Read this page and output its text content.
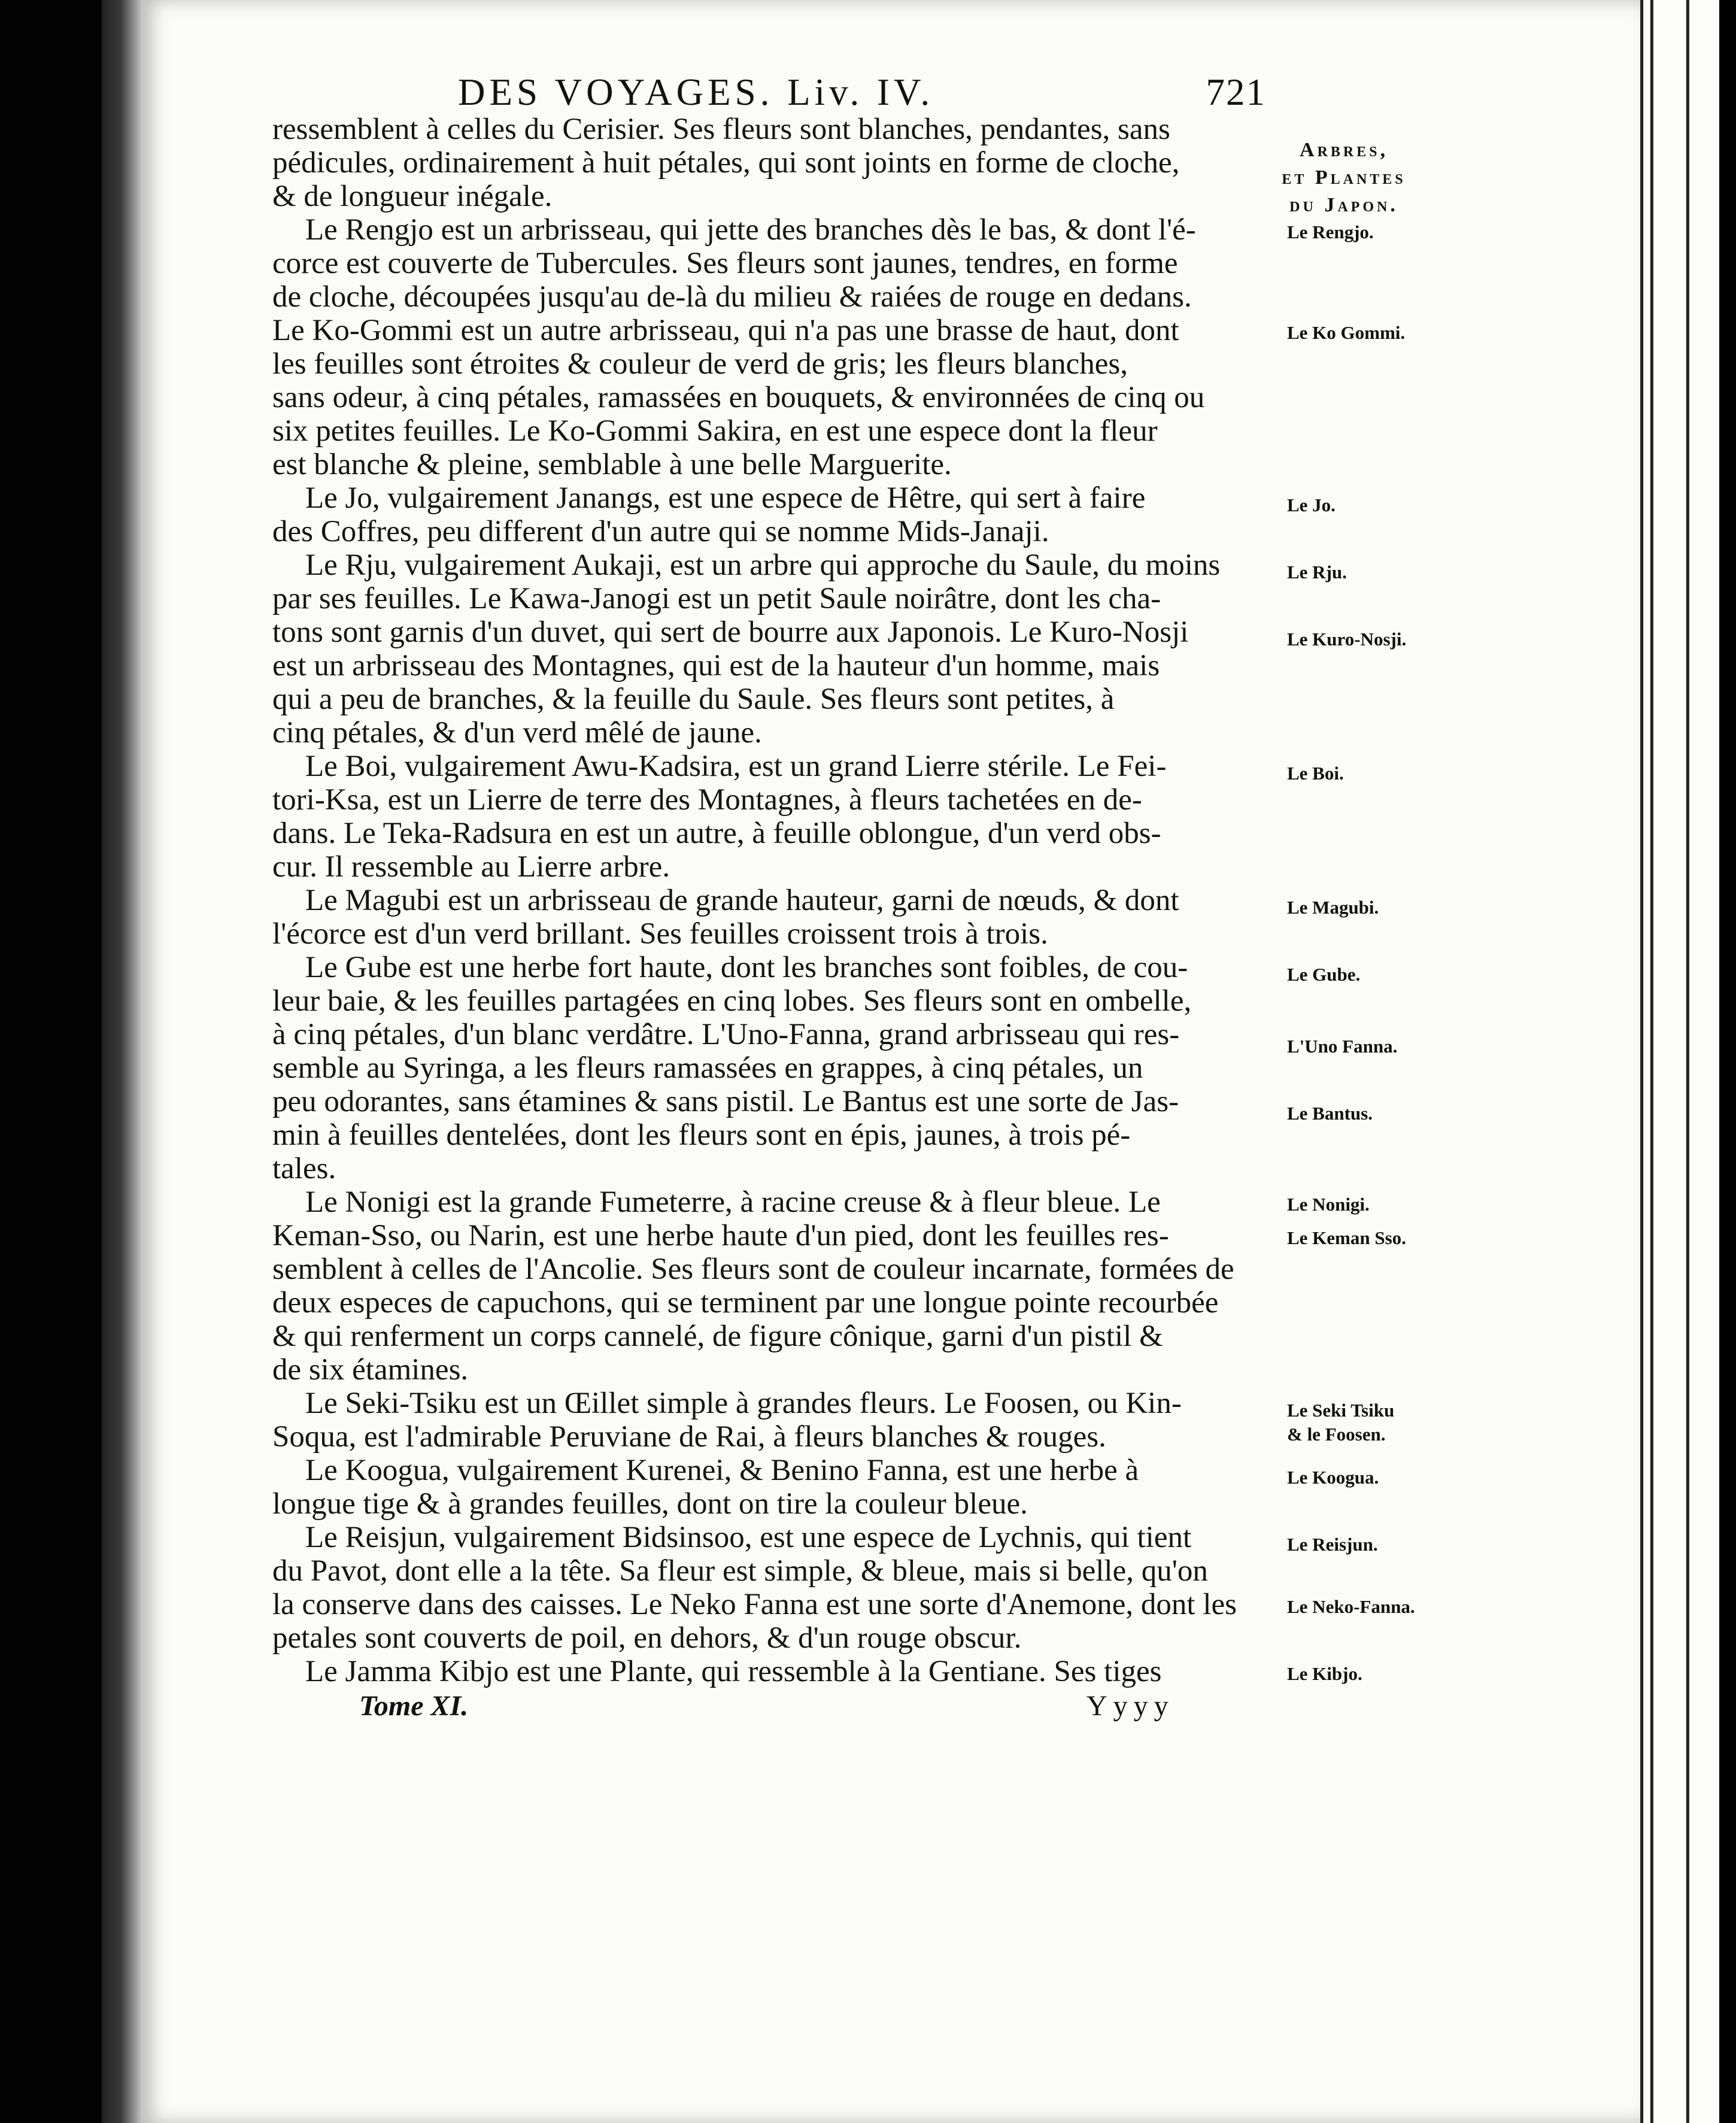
DES VOYAGES. Liv. IV.	721
Arbres,
et Plantes
du Japon.
ressemblent à celles du Cerisier. Ses fleurs sont blanches, pendantes, sans
pédicules, ordinairement à huit pétales, qui sont joints en forme de cloche,
& de longueur inégale.
Le Rengjo est un arbrisseau, qui jette des branches dès le bas, & dont l'é-
corce est couverte de Tubercules. Ses fleurs sont jaunes, tendres, en forme
de cloche, découpées jusqu'au de-là du milieu & raiées de rouge en dedans.
Le Ko-Gommi est un autre arbrisseau, qui n'a pas une brasse de haut, dont
les feuilles sont étroites & couleur de verd de gris; les fleurs blanches,
sans odeur, à cinq pétales, ramassées en bouquets, & environnées de cinq ou
six petites feuilles. Le Ko-Gommi Sakira, en est une espece dont la fleur
est blanche & pleine, semblable à une belle Marguerite.
Le Jo, vulgairement Janangs, est une espece de Hêtre, qui sert à faire
des Coffres, peu different d'un autre qui se nomme Mids-Janaji.
Le Rju, vulgairement Aukaji, est un arbre qui approche du Saule, du moins
par ses feuilles. Le Kawa-Janogi est un petit Saule noirâtre, dont les cha-
tons sont garnis d'un duvet, qui sert de bourre aux Japonois. Le Kuro-Nosji
est un arbrisseau des Montagnes, qui est de la hauteur d'un homme, mais
qui a peu de branches, & la feuille du Saule. Ses fleurs sont petites, à
cinq pétales, & d'un verd mêlé de jaune.
Le Boi, vulgairement Awu-Kadsira, est un grand Lierre stérile. Le Fei-
tori-Ksa, est un Lierre de terre des Montagnes, à fleurs tachetées en de-
dans. Le Teka-Radsura en est un autre, à feuille oblongue, d'un verd obs-
cur. Il ressemble au Lierre arbre.
Le Magubi est un arbrisseau de grande hauteur, garni de nœuds, & dont
l'écorce est d'un verd brillant. Ses feuilles croissent trois à trois.
Le Gube est une herbe fort haute, dont les branches sont foibles, de cou-
leur baie, & les feuilles partagées en cinq lobes. Ses fleurs sont en ombelle,
à cinq pétales, d'un blanc verdâtre. L'Uno-Fanna, grand arbrisseau qui res-
semble au Syringa, a les fleurs ramassées en grappes, à cinq pétales, un
peu odorantes, sans étamines & sans pistil. Le Bantus est une sorte de Jas-
min à feuilles dentelées, dont les fleurs sont en épis, jaunes, à trois pé-
tales.
Le Nonigi est la grande Fumeterre, à racine creuse & à fleur bleue. Le
Keman-Sso, ou Narin, est une herbe haute d'un pied, dont les feuilles res-
semblent à celles de l'Ancolie. Ses fleurs sont de couleur incarnate, formées de
deux especes de capuchons, qui se terminent par une longue pointe recourbée
& qui renferment un corps cannelé, de figure cônique, garni d'un pistil &
de six étamines.
Le Seki-Tsiku est un Œillet simple à grandes fleurs. Le Foosen, ou Kin-
Soqua, est l'admirable Peruviane de Rai, à fleurs blanches & rouges.
Le Koogua, vulgairement Kurenei, & Benino Fanna, est une herbe à
longue tige & à grandes feuilles, dont on tire la couleur bleue.
Le Reisjun, vulgairement Bidsinsoo, est une espece de Lychnis, qui tient
du Pavot, dont elle a la tête. Sa fleur est simple, & bleue, mais si belle, qu'on
la conserve dans des caisses. Le Neko Fanna est une sorte d'Anemone, dont les
petales sont couverts de poil, en dehors, & d'un rouge obscur.
Le Jamma Kibjo est une Plante, qui ressemble à la Gentiane. Ses tiges
Le Rengjo.
Le Ko Gommi.
Le Jo.
Le Rju.
Le Kuro-Nosji.
Le Boi.
Le Magubi.
Le Gube.
L'Uno Fanna.
Le Bantus.
Le Nonigi.
Le Keman Sso.
Le Seki Tsiku
& le Foosen.
Le Koogua.
Le Reisjun.
Le Neko-Fanna.
Le Kibjo.
Tome XI.	Yyyy
